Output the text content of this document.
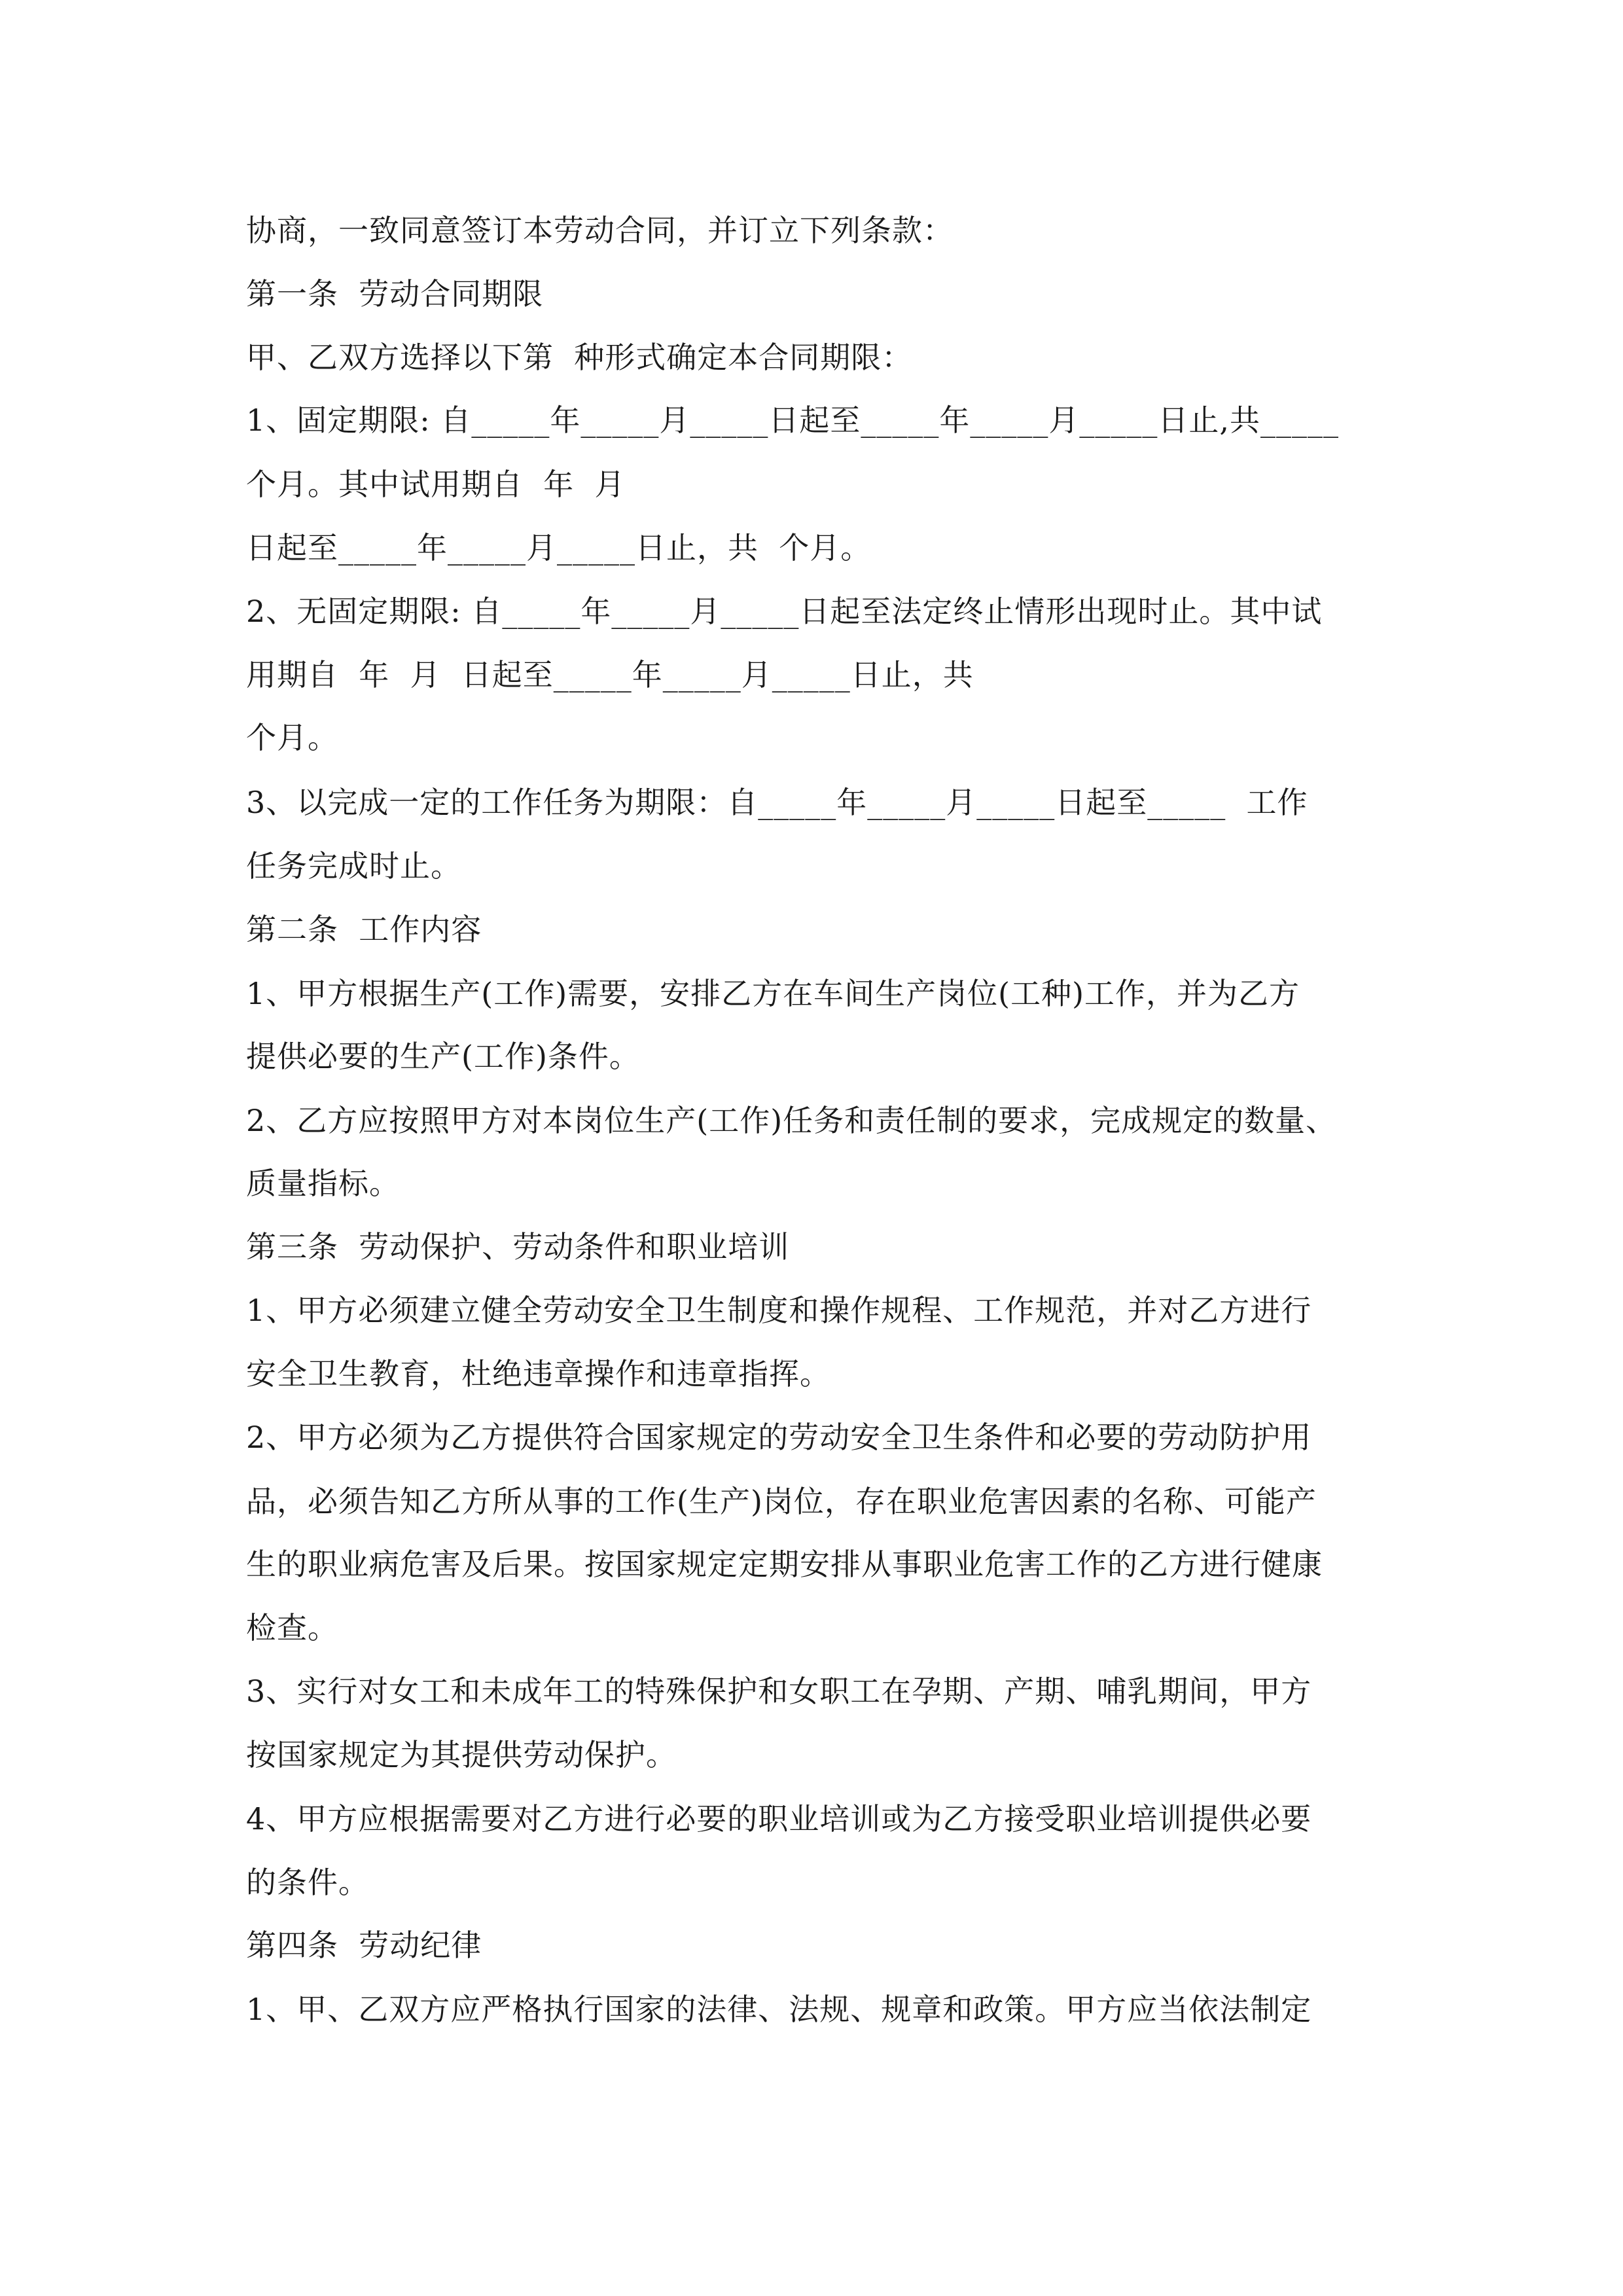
协商，一致同意签订本劳动合同，并订立下列条款：
第一条  劳动合同期限
甲、乙双方选择以下第  种形式确定本合同期限：
1、固定期限: 自_____年_____月_____日起至_____年_____月_____日止,共_____
个月。其中试用期自  年  月
日起至_____年_____月_____日止，共  个月。
2、无固定期限: 自_____年_____月_____日起至法定终止情形出现时止。其中试
用期自  年  月  日起至_____年_____月_____日止，共
个月。
3、以完成一定的工作任务为期限：自_____年_____月_____日起至_____  工作
任务完成时止。
第二条  工作内容
1、甲方根据生产(工作)需要，安排乙方在车间生产岗位(工种)工作，并为乙方
提供必要的生产(工作)条件。
2、乙方应按照甲方对本岗位生产(工作)任务和责任制的要求，完成规定的数量、
质量指标。
第三条  劳动保护、劳动条件和职业培训
1、甲方必须建立健全劳动安全卫生制度和操作规程、工作规范，并对乙方进行
安全卫生教育，杜绝违章操作和违章指挥。
2、甲方必须为乙方提供符合国家规定的劳动安全卫生条件和必要的劳动防护用
品，必须告知乙方所从事的工作(生产)岗位，存在职业危害因素的名称、可能产
生的职业病危害及后果。按国家规定定期安排从事职业危害工作的乙方进行健康
检查。
3、实行对女工和未成年工的特殊保护和女职工在孕期、产期、哺乳期间，甲方
按国家规定为其提供劳动保护。
4、甲方应根据需要对乙方进行必要的职业培训或为乙方接受职业培训提供必要
的条件。
第四条  劳动纪律
1、甲、乙双方应严格执行国家的法律、法规、规章和政策。甲方应当依法制定
